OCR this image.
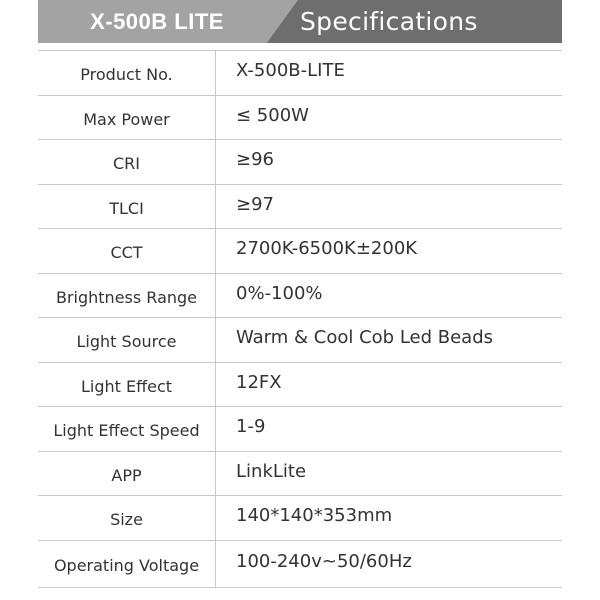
X-500B LITE	Specifications
Product No.	X-500B-LITE
Max Power	≤ 500W
CRI	≥96
TLCI	≥97
CCT	2700K-6500K±200K
Brightness Range	0%-100%
Light Source	Warm & Cool Cob Led Beads
Light Effect	12FX
Light Effect Speed	1-9
APP	LinkLite
Size	140*140*353mm
Operating Voltage	100-240v~50/60Hz
